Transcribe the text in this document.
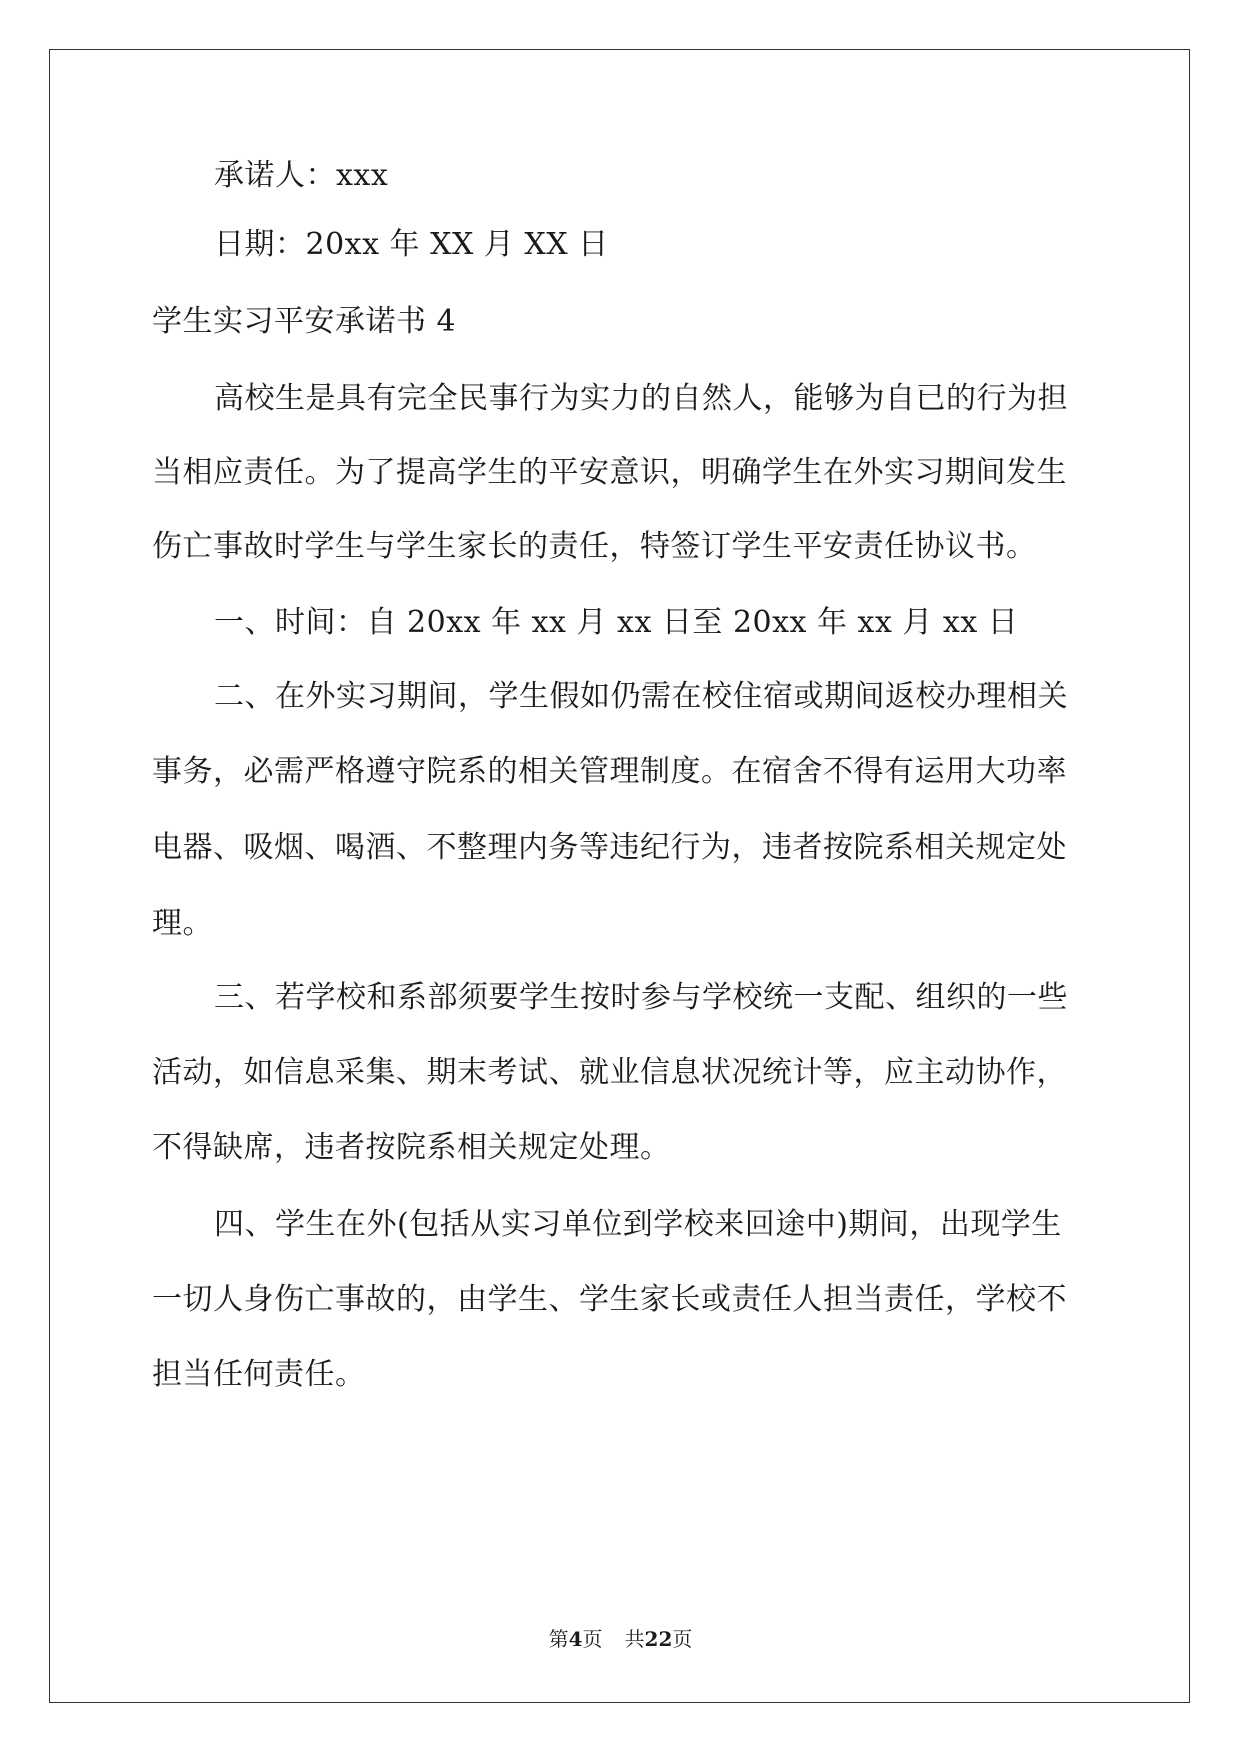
承诺人：xxx
日期：20xx 年 XX 月 XX 日
学生实习平安承诺书 4
高校生是具有完全民事行为实力的自然人，能够为自已的行为担
当相应责任。为了提高学生的平安意识，明确学生在外实习期间发生
伤亡事故时学生与学生家长的责任，特签订学生平安责任协议书。
一、时间：自 20xx 年 xx 月 xx 日至 20xx 年 xx 月 xx 日
二、在外实习期间，学生假如仍需在校住宿或期间返校办理相关
事务，必需严格遵守院系的相关管理制度。在宿舍不得有运用大功率
电器、吸烟、喝酒、不整理内务等违纪行为，违者按院系相关规定处
理。
三、若学校和系部须要学生按时参与学校统一支配、组织的一些
活动，如信息采集、期末考试、就业信息状况统计等，应主动协作，
不得缺席，违者按院系相关规定处理。
四、学生在外(包括从实习单位到学校来回途中)期间，出现学生
一切人身伤亡事故的，由学生、学生家长或责任人担当责任，学校不
担当任何责任。
第4页 共22页
